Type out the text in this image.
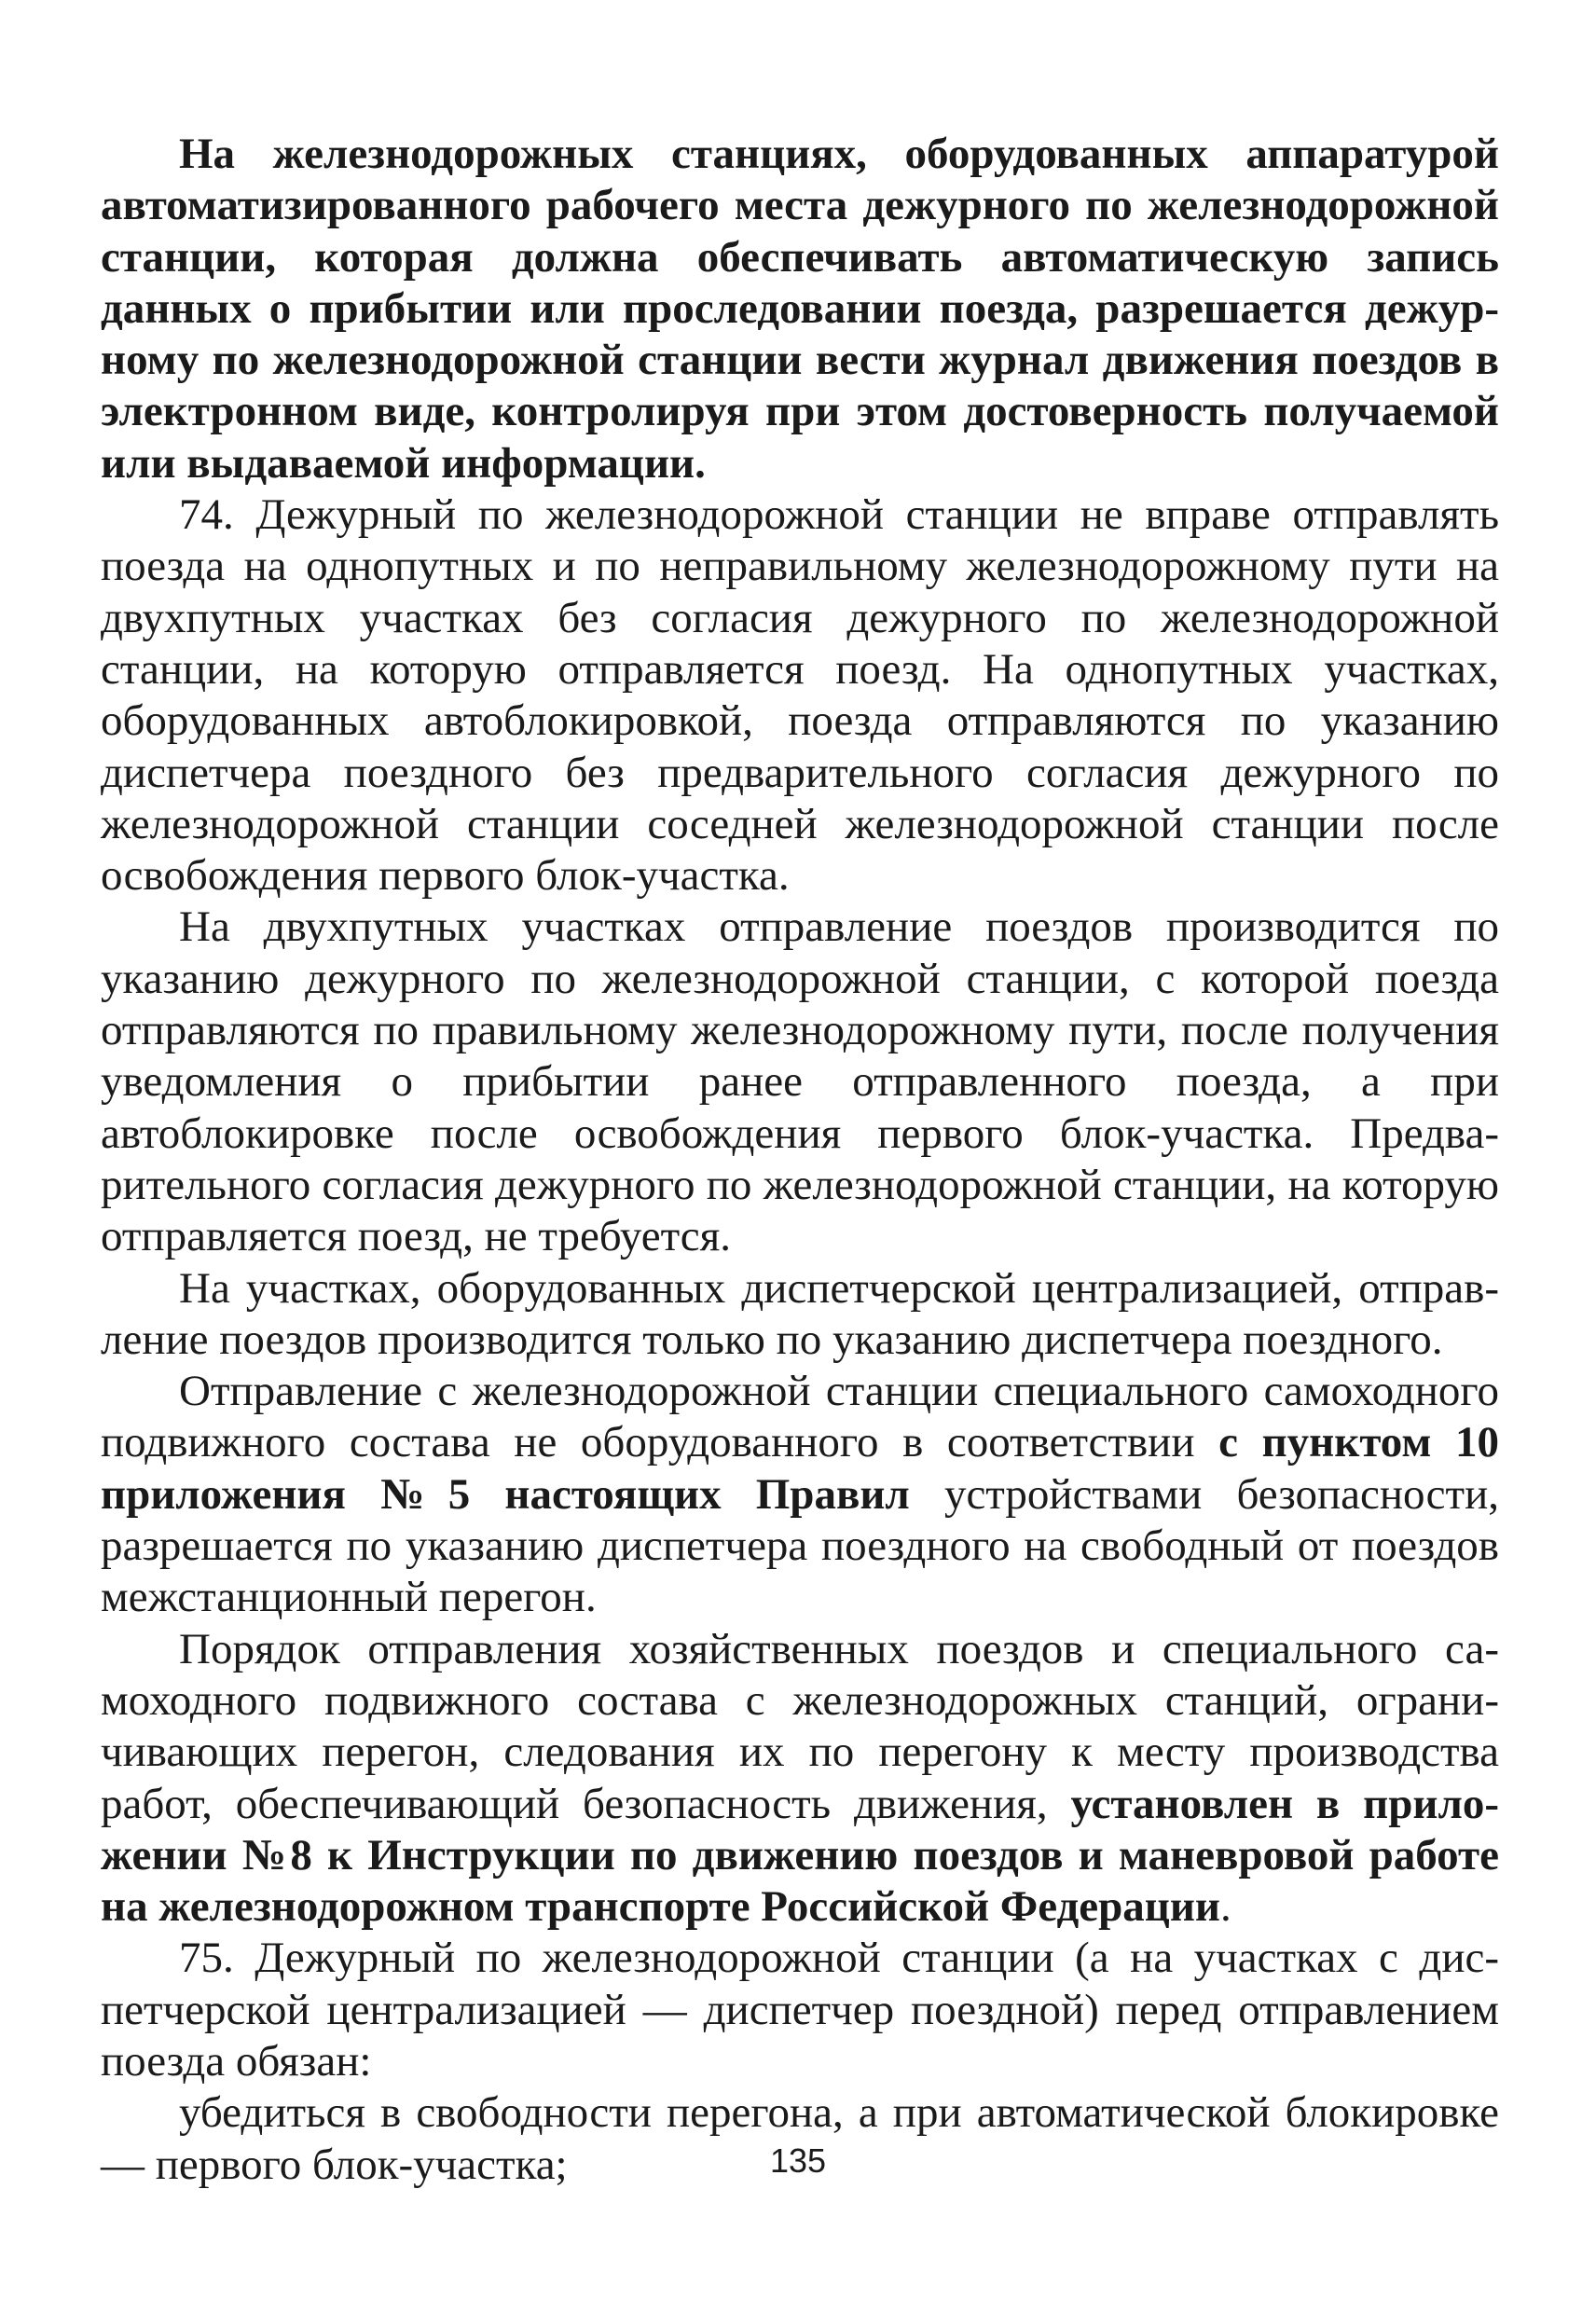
На железнодорожных станциях, оборудованных аппаратурой автоматизированного рабочего места дежурного по железнодорожной станции, которая должна обеспечивать автоматическую запись данных о прибытии или проследовании поезда, разрешается дежурному по железнодорожной станции вести журнал движения поездов в электронном виде, контролируя при этом достоверность получаемой или выдаваемой информации.

74. Дежурный по железнодорожной станции не вправе отправлять поезда на однопутных и по неправильному железнодорожному пути на двухпутных участках без согласия дежурного по железнодорожной станции, на которую отправляется поезд. На однопутных участках, оборудованных автоблокировкой, поезда отправляются по указанию диспетчера поездного без предварительного согласия дежурного по железнодорожной станции соседней железнодорожной станции после освобождения первого блок-участка.

На двухпутных участках отправление поездов производится по указанию дежурного по железнодорожной станции, с которой поезда отправляются по правильному железнодорожному пути, после получения уведомления о прибытии ранее отправленного поезда, а при автоблокировке после освобождения первого блок-участка. Предварительного согласия дежурного по железнодорожной станции, на которую отправляется поезд, не требуется.

На участках, оборудованных диспетчерской централизацией, отправление поездов производится только по указанию диспетчера поездного.

Отправление с железнодорожной станции специального самоходного подвижного состава не оборудованного в соответствии с пунктом 10 приложения №5 настоящих Правил устройствами безопасности, разрешается по указанию диспетчера поездного на свободный от поездов межстанционный перегон.

Порядок отправления хозяйственных поездов и специального самоходного подвижного состава с железнодорожных станций, ограничивающих перегон, следования их по перегону к месту производства работ, обеспечивающий безопасность движения, установлен в приложении №8 к Инструкции по движению поездов и маневровой работе на железнодорожном транспорте Российской Федерации.

75. Дежурный по железнодорожной станции (а на участках с диспетчерской централизацией — диспетчер поездной) перед отправлением поезда обязан:

убедиться в свободности перегона, а при автоматической блокировке — первого блок-участка;	135
